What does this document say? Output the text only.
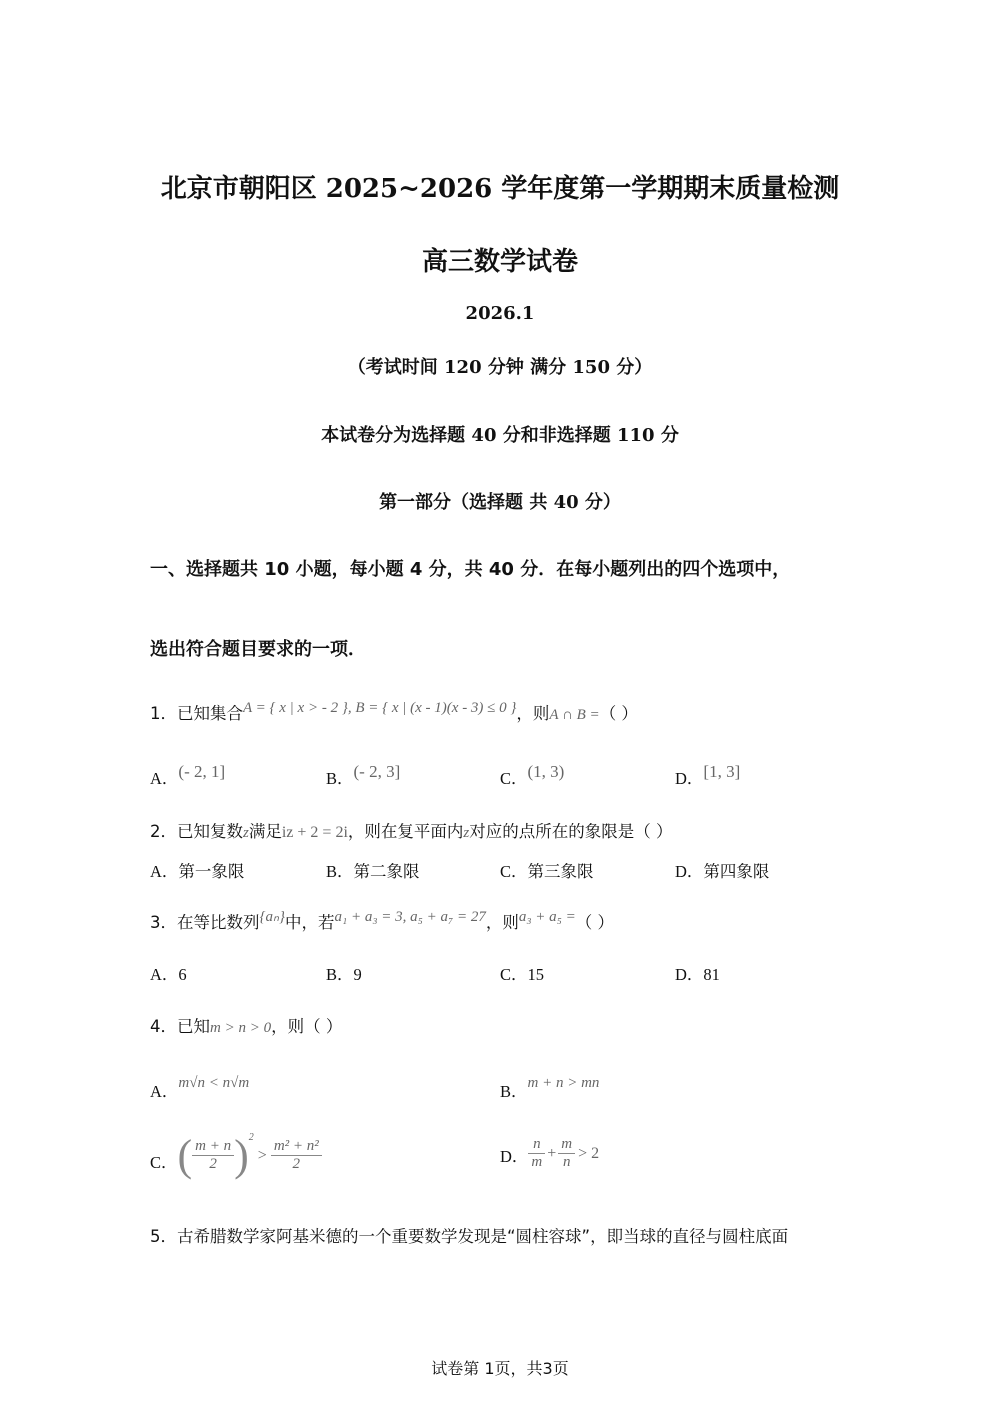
北京市朝阳区 2025~2026 学年度第一学期期末质量检测
高三数学试卷
2026.1
（考试时间 120 分钟 满分 150 分）
本试卷分为选择题 40 分和非选择题 110 分
第一部分（选择题 共 40 分）
一、选择题共 10 小题，每小题 4 分，共 40 分．在每小题列出的四个选项中，
选出符合题目要求的一项．
1．已知集合A = { x | x > - 2 }, B = { x | (x - 1)(x - 3) ≤ 0 }，则A ∩ B =（ ）
A．(- 2, 1]	B．(- 2, 3]	C．(1, 3)	D．[1, 3]
2．已知复数z满足iz + 2 = 2i，则在复平面内z对应的点所在的象限是（ ）
A．第一象限	B．第二象限	C．第三象限	D．第四象限
3．在等比数列{aₙ}中，若a₁ + a₃ = 3, a₅ + a₇ = 27，则a₃ + a₅ =（ ）
A．6	B．9	C．15	D．81
4．已知m > n > 0，则（ ）
A．m√n < n√m	B．m + n > mn
C．( $\frac{m + n}{2} )^2> \frac{\text{m² + n²}}{2}$	D． $\frac{n}{m} + \frac{m}{n} > 2$
5．古希腊数学家阿基米德的一个重要数学发现是“圆柱容球”，即当球的直径与圆柱底面
试卷第 1页，共3页
